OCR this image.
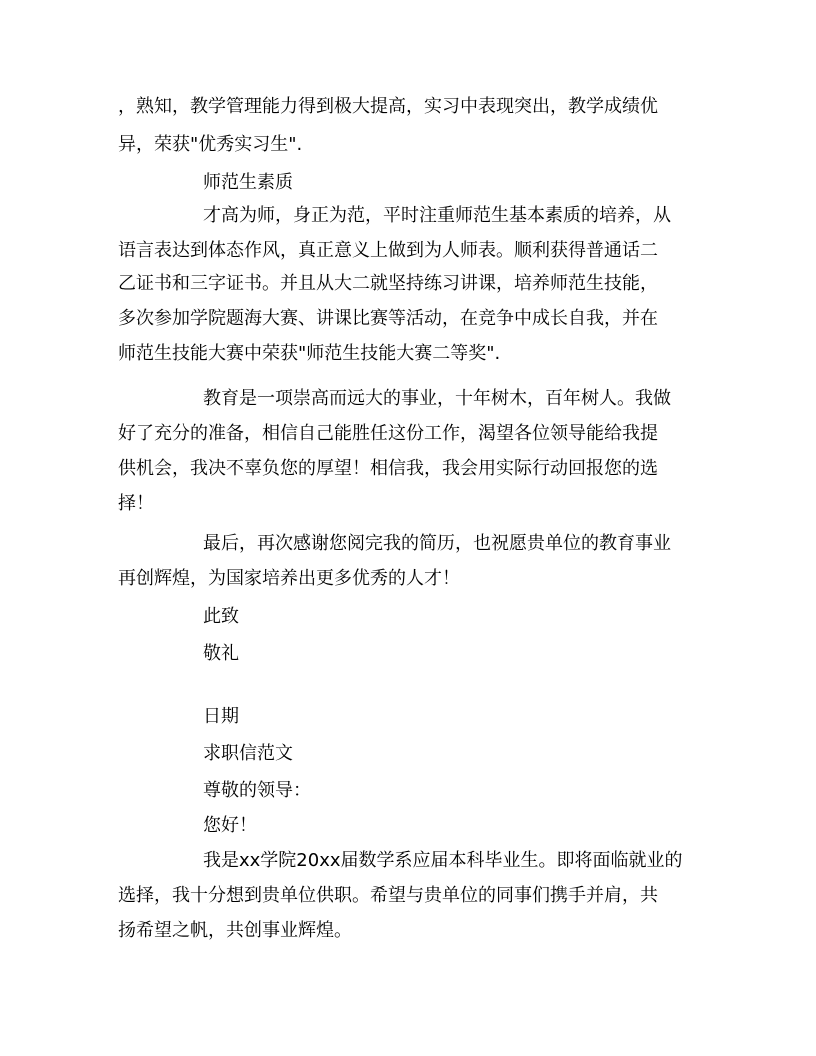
，熟知，教学管理能力得到极大提高，实习中表现突出，教学成绩优
异，荣获"优秀实习生".
师范生素质
才高为师，身正为范，平时注重师范生基本素质的培养，从
语言表达到体态作风，真正意义上做到为人师表。顺利获得普通话二
乙证书和三字证书。并且从大二就坚持练习讲课，培养师范生技能，
多次参加学院题海大赛、讲课比赛等活动，在竞争中成长自我，并在
师范生技能大赛中荣获"师范生技能大赛二等奖".
教育是一项崇高而远大的事业，十年树木，百年树人。我做
好了充分的准备，相信自己能胜任这份工作，渴望各位领导能给我提
供机会，我决不辜负您的厚望！相信我，我会用实际行动回报您的选
择！
最后，再次感谢您阅完我的简历，也祝愿贵单位的教育事业
再创辉煌，为国家培养出更多优秀的人才！
此致
敬礼
日期
求职信范文
尊敬的领导：
您好！
我是xx学院20xx届数学系应届本科毕业生。即将面临就业的
选择，我十分想到贵单位供职。希望与贵单位的同事们携手并肩，共
扬希望之帆，共创事业辉煌。
